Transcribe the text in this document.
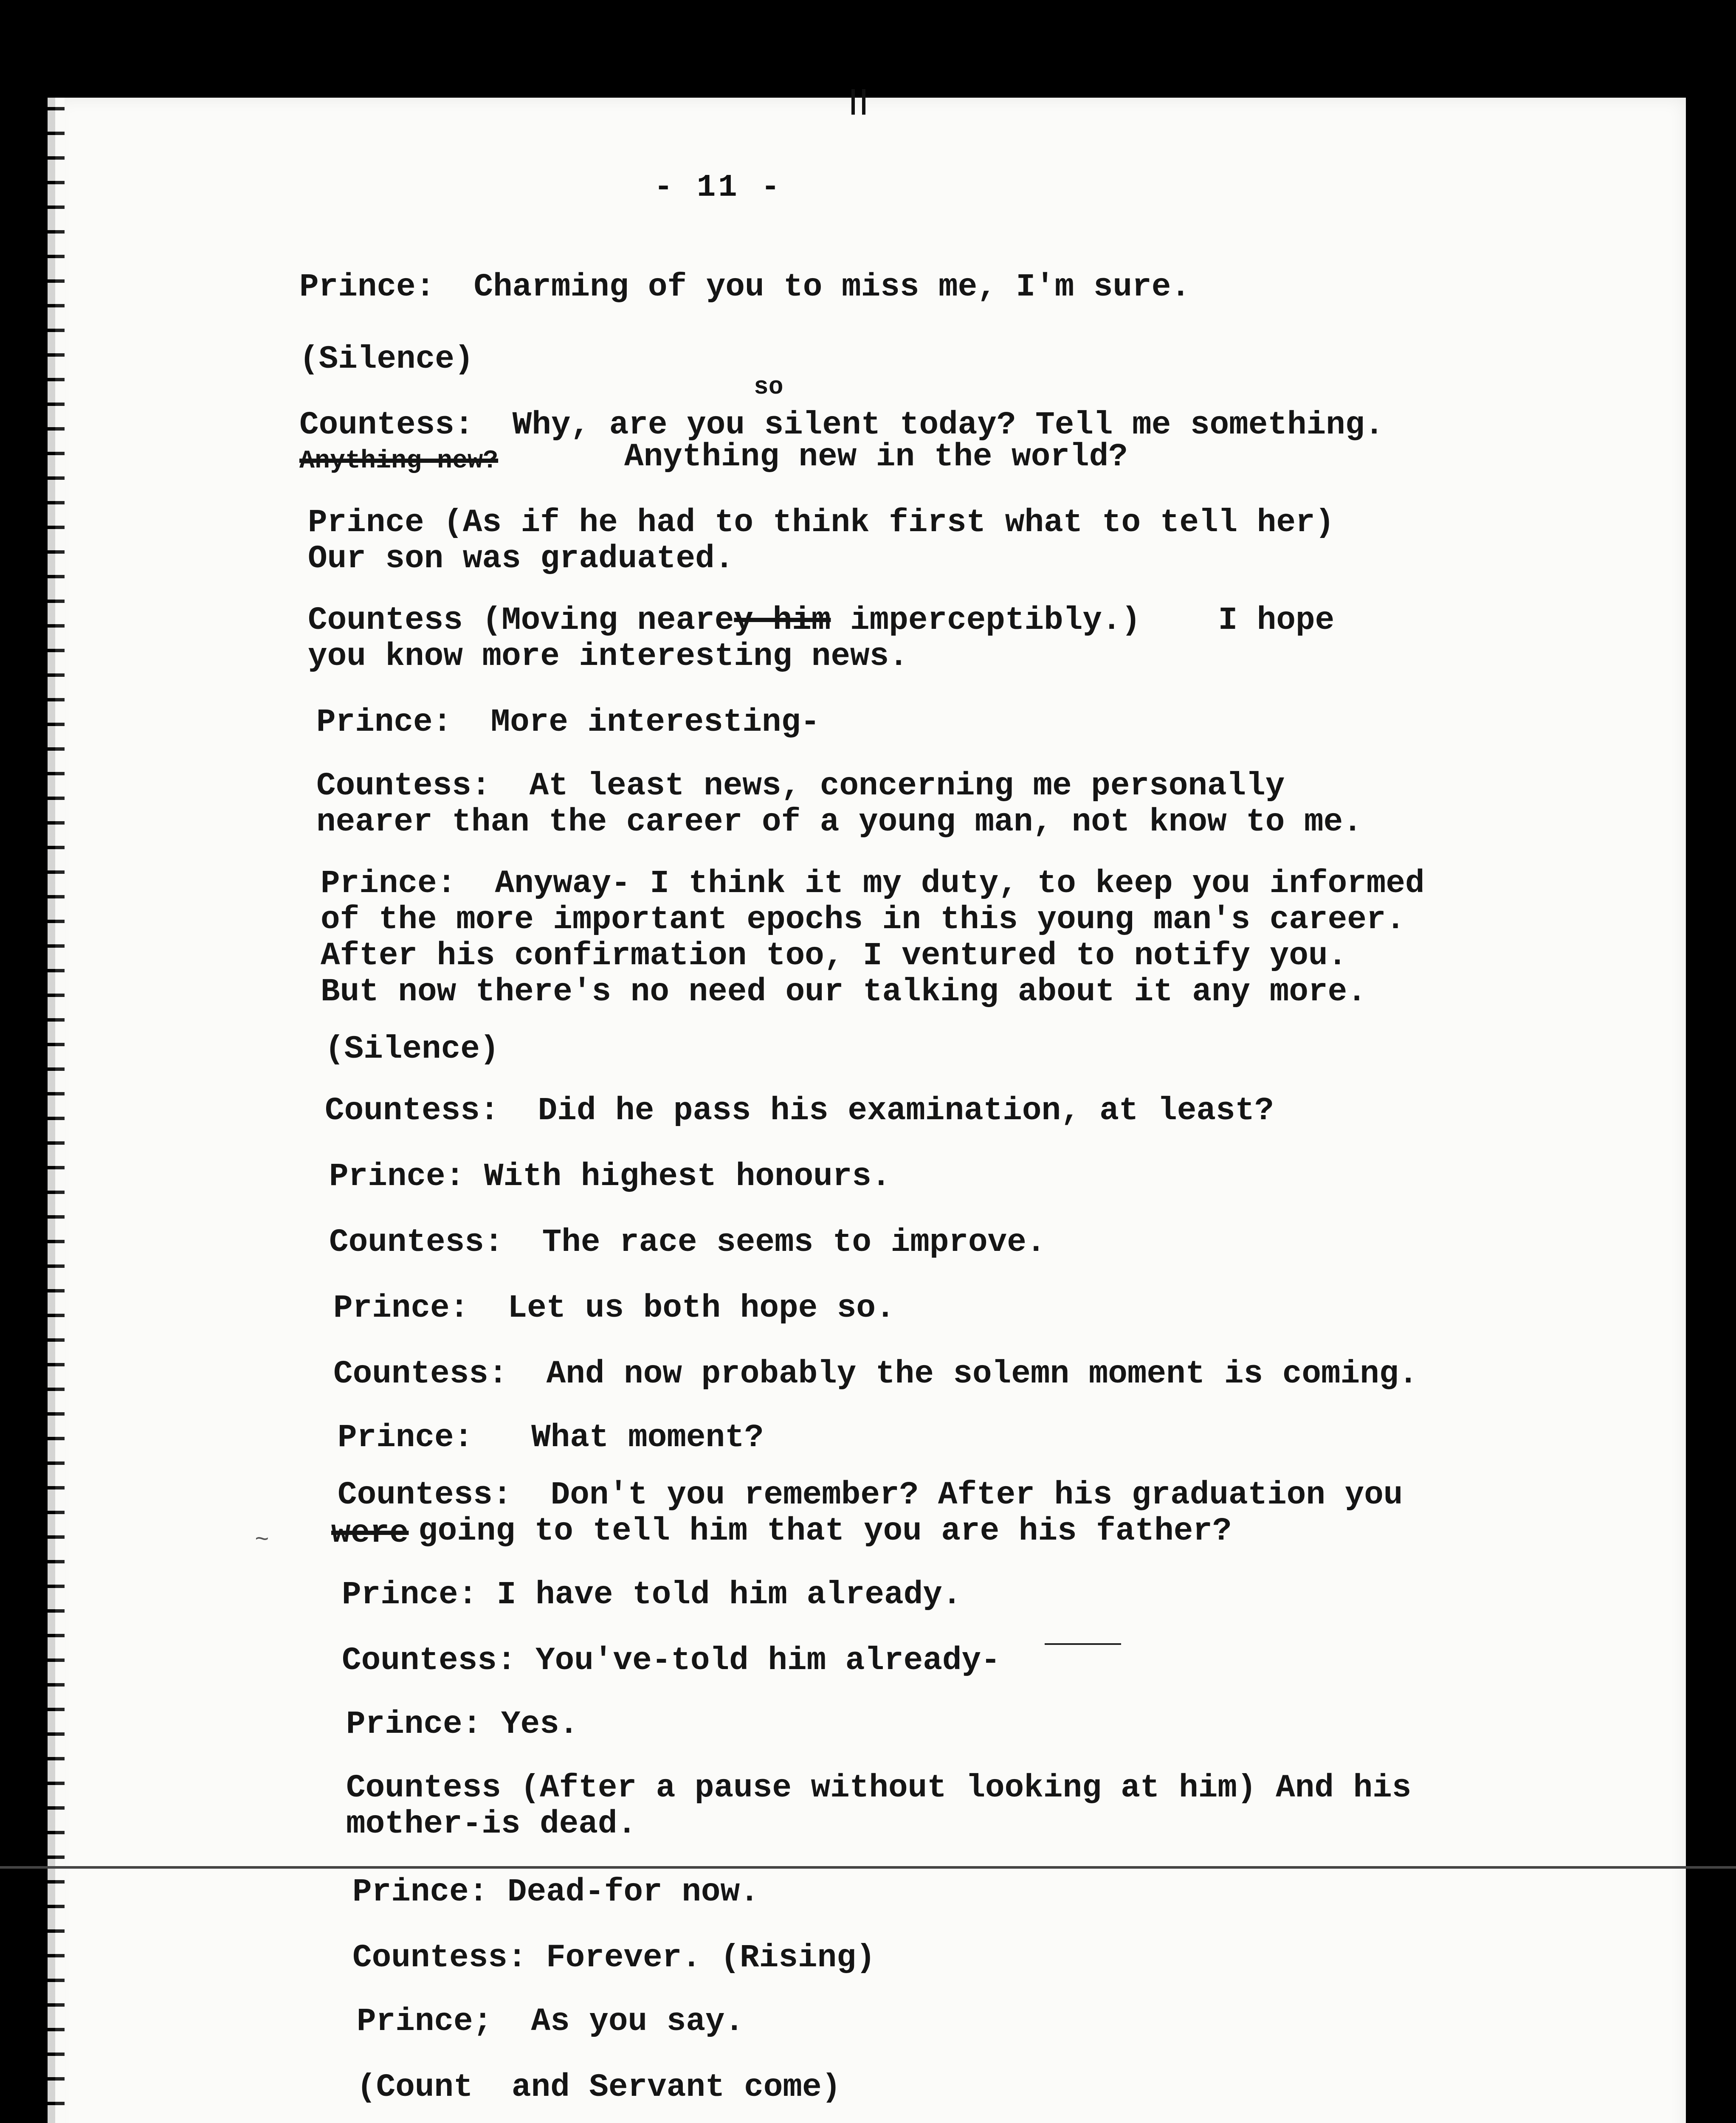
- 11 -
Prince:  Charming of you to miss me, I'm sure.
(Silence)
so
Countess:  Why, are you silent today? Tell me something.
Anything new?	Anything new in the world?
Prince (As if he had to think first what to tell her)
Our son was graduated.
Countess (Moving nearey him imperceptibly.)    I hope
you know more interesting news.
Prince:  More interesting-
Countess:  At least news, concerning me personally
nearer than the career of a young man, not know to me.
Prince:  Anyway- I think it my duty, to keep you informed
of the more important epochs in this young man's career.
After his confirmation too, I ventured to notify you.
But now there's no need our talking about it any more.
(Silence)
Countess:  Did he pass his examination, at least?
Prince: With highest honours.
Countess:  The race seems to improve.
Prince:  Let us both hope so.
Countess:  And now probably the solemn moment is coming.
Prince:   What moment?
Countess:  Don't you remember? After his graduation you
~ were going to tell him that you are his father?
Prince: I have told him already.
Countess: You've-told him already-
Prince: Yes.
Countess (After a pause without looking at him) And his
mother-is dead.
Prince: Dead-for now.
Countess: Forever. (Rising)
Prince;  As you say.
(Count  and Servant come)
